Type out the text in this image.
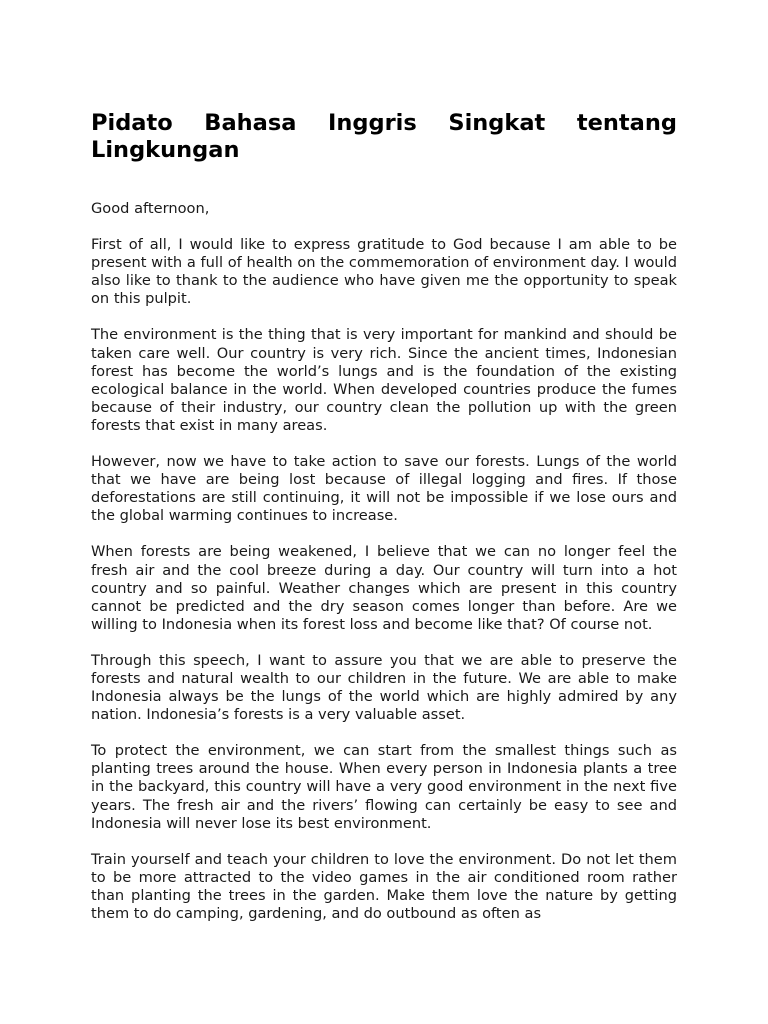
Pidato Bahasa Inggris Singkat tentang Lingkungan

Good afternoon,

First of all, I would like to express gratitude to God because I am able to be present with a full of health on the commemoration of environment day. I would also like to thank to the audience who have given me the opportunity to speak on this pulpit.

The environment is the thing that is very important for mankind and should be taken care well. Our country is very rich. Since the ancient times, Indonesian forest has become the world’s lungs and is the foundation of the existing ecological balance in the world. When developed countries produce the fumes because of their industry, our country clean the pollution up with the green forests that exist in many areas.

However, now we have to take action to save our forests. Lungs of the world that we have are being lost because of illegal logging and fires. If those deforestations are still continuing, it will not be impossible if we lose ours and the global warming continues to increase.

When forests are being weakened, I believe that we can no longer feel the fresh air and the cool breeze during a day. Our country will turn into a hot country and so painful. Weather changes which are present in this country cannot be predicted and the dry season comes longer than before. Are we willing to Indonesia when its forest loss and become like that? Of course not.

Through this speech, I want to assure you that we are able to preserve the forests and natural wealth to our children in the future. We are able to make Indonesia always be the lungs of the world which are highly admired by any nation. Indonesia’s forests is a very valuable asset.

To protect the environment, we can start from the smallest things such as planting trees around the house. When every person in Indonesia plants a tree in the backyard, this country will have a very good environment in the next five years. The fresh air and the rivers’ flowing can certainly be easy to see and Indonesia will never lose its best environment.

Train yourself and teach your children to love the environment. Do not let them to be more attracted to the video games in the air conditioned room rather than planting the trees in the garden. Make them love the nature by getting them to do camping, gardening, and do outbound as often as
